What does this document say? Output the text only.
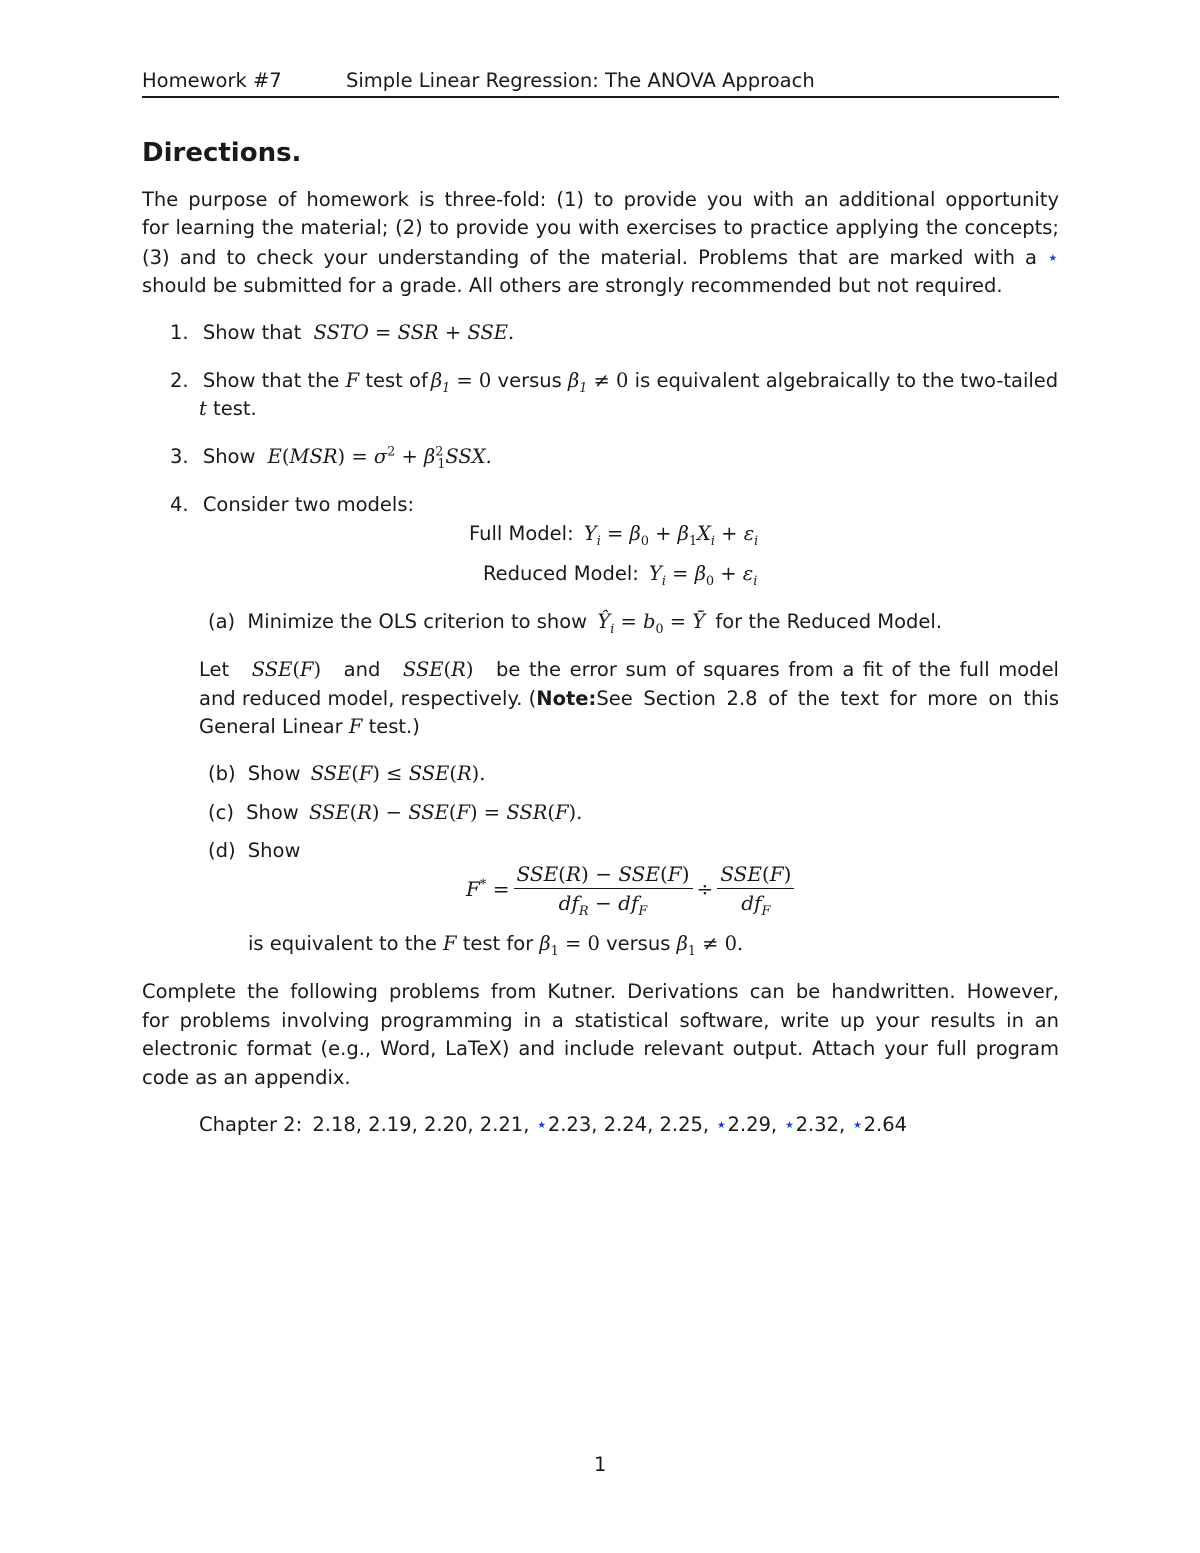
Homework #7	Simple Linear Regression: The ANOVA Approach
Directions.
The purpose of homework is three-fold: (1) to provide you with an additional opportunity
for learning the material; (2) to provide you with exercises to practice applying the concepts;
(3) and to check your understanding of the material. Problems that are marked with a ⋆
should be submitted for a grade. All others are strongly recommended but not required.
1. Show that SSTO = SSR + SSE.
2. Show that the F test of $\beta_1 = 0$ versus $\beta_1 \ne 0$ is equivalent algebraically to the two-tailed
t test.
3. Show $E(MSR) = \sigma^2 + \beta^2_1SSX$.
4. Consider two models:
Full Model: $Y_i = \beta_0 + \beta_1X_i + \varepsilon_i$
Reduced Model: $Y_i = \beta_0 + \varepsilon_i$
(a) Minimize the OLS criterion to show $Ŷ_i = b_0$ = Ȳ for the Reduced Model.
Let SSE(F) and SSE(R) be the error sum of squares from a fit of the full model
and reduced model, respectively. ( Note: See Section 2.8 of the text for more on this
General Linear F test.)
(b) Show SSE(F) ≤ SSE(R).
(c) Show SSE(R) − SSE(F) = SSR(F).
(d) Show
$F^* = \frac{\text{SSE(R) − SSE(F)}}{df_R - df_F} \div \frac{\text{SSE(F)}}{df_F}$
is equivalent to the F test for $\beta_1 = 0$ versus $\beta_1 \ne 0$.
Complete the following problems from Kutner. Derivations can be handwritten. However,
for problems involving programming in a statistical software, write up your results in an
electronic format (e.g., Word, LaTeX) and include relevant output. Attach your full program
code as an appendix.
Chapter 2: 2.18, 2.19, 2.20, 2.21, ⋆2.23, 2.24, 2.25, ⋆2.29, ⋆2.32, ⋆2.64
1
